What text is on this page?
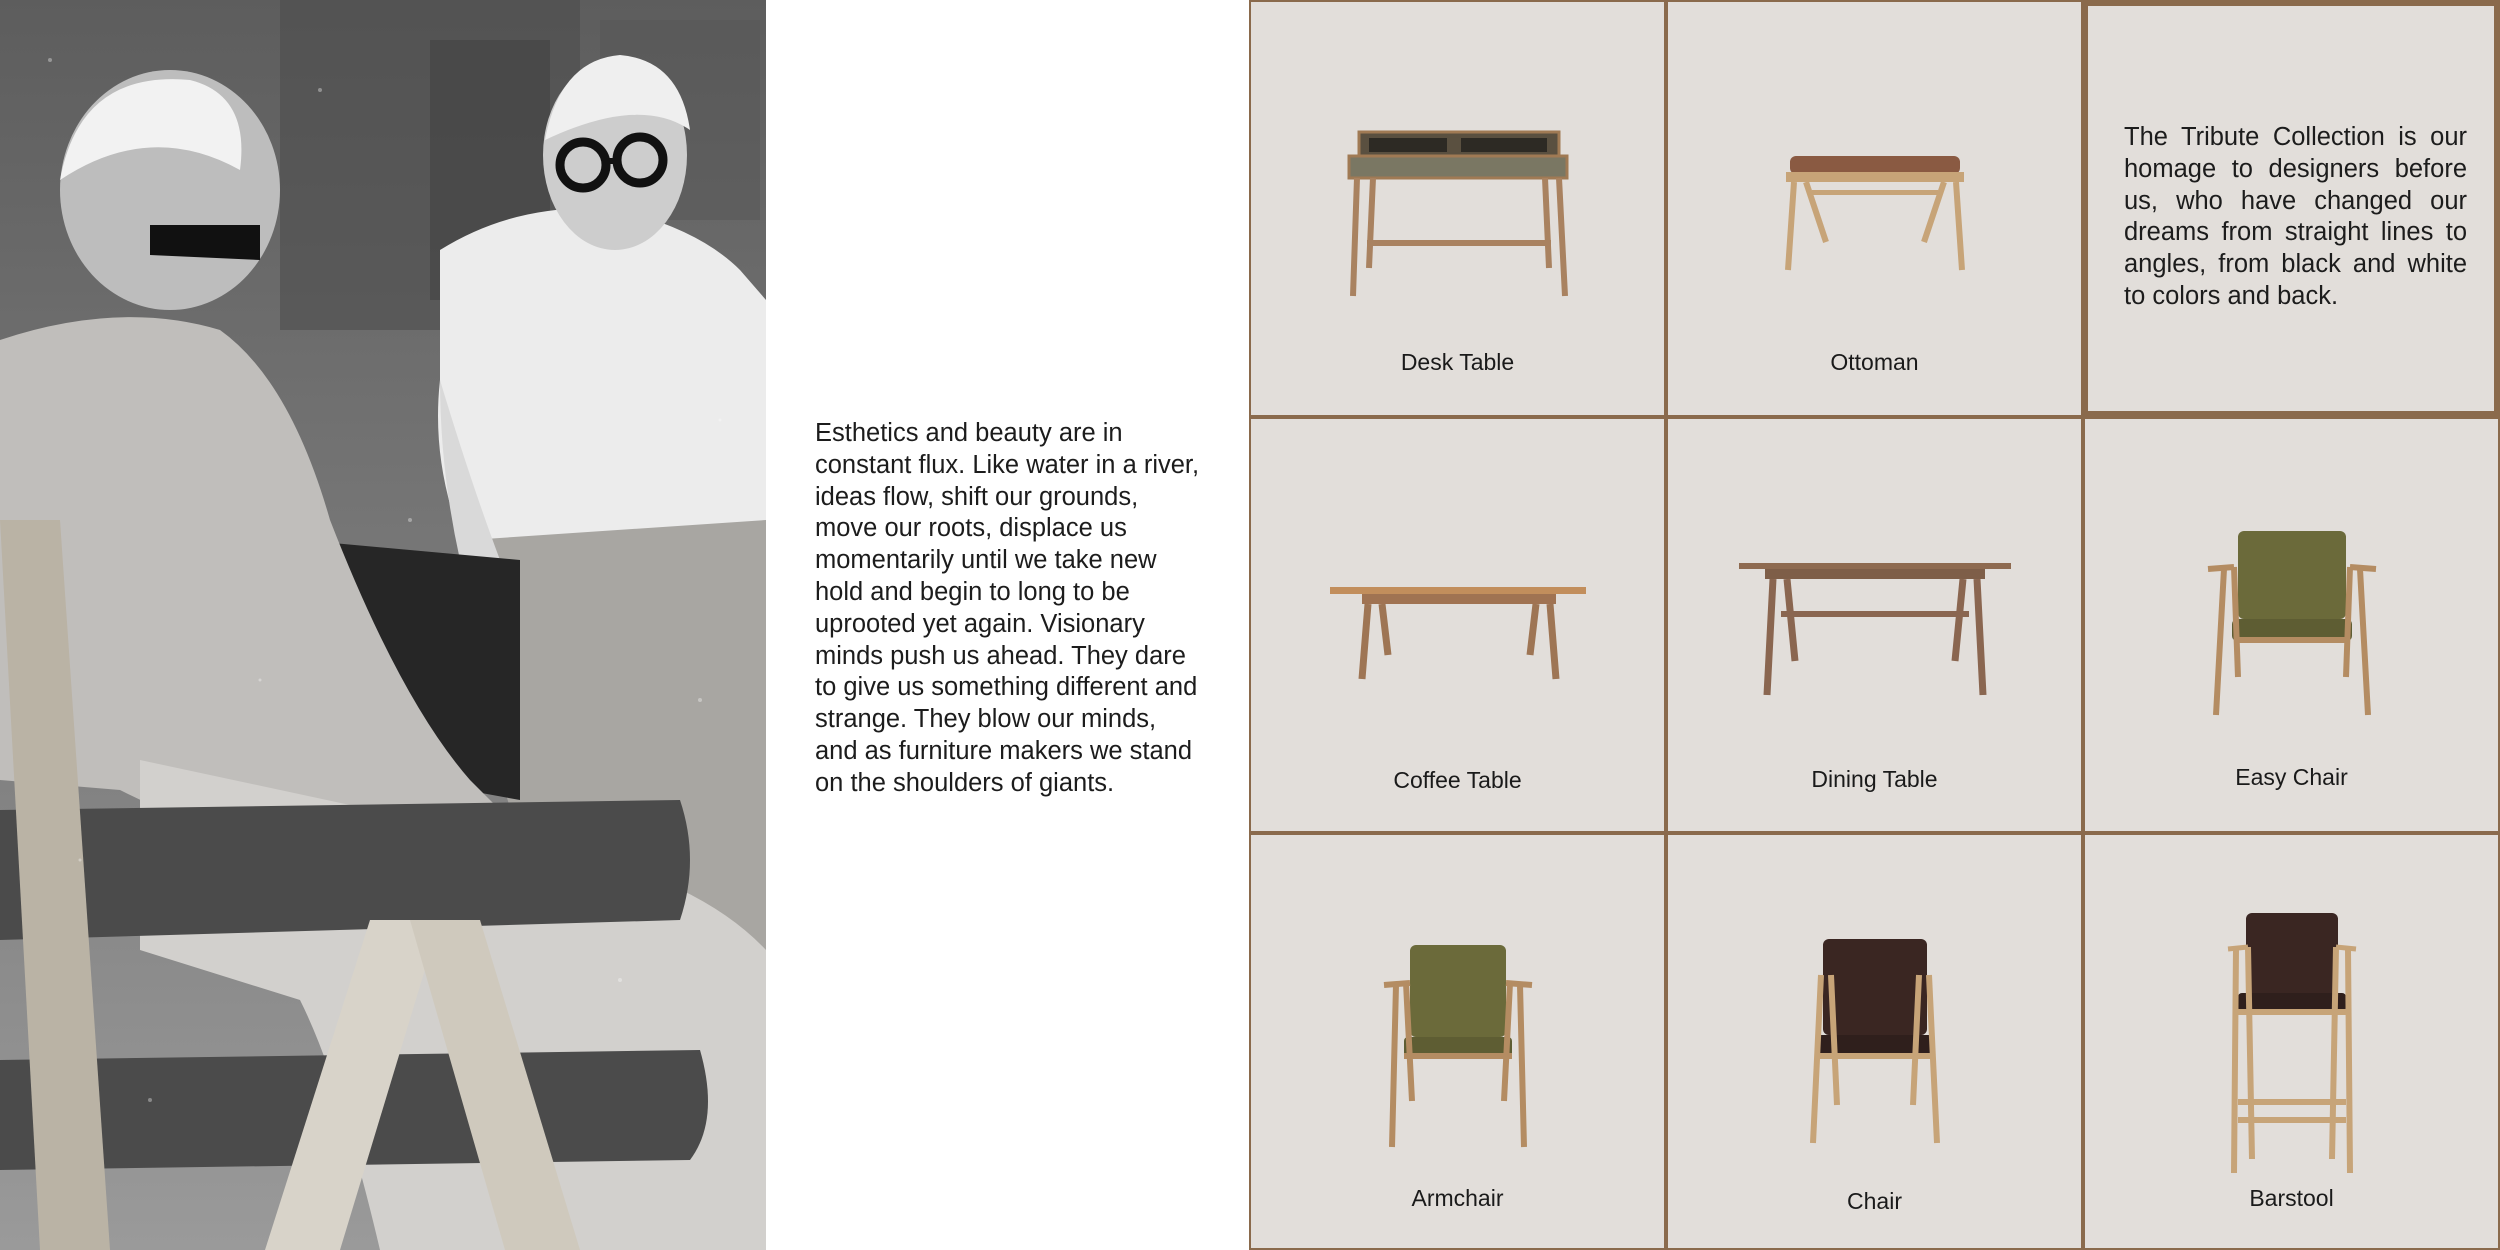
Esthetics and beauty are in constant flux. Like water in a river, ideas flow, shift our grounds, move our roots, displace us momentarily until we take new hold and begin to long to be uprooted yet again. Visionary minds push us ahead. They dare to give us something different and strange. They blow our minds, and as furniture makers we stand on the shoulders of giants.

Desk Table	Ottoman

The Tribute Collection is our homage to designers before us, who have changed our dreams from straight lines to angles, from black and white to colors and back.

Coffee Table	Dining Table	Easy Chair
Armchair	Chair	Barstool
